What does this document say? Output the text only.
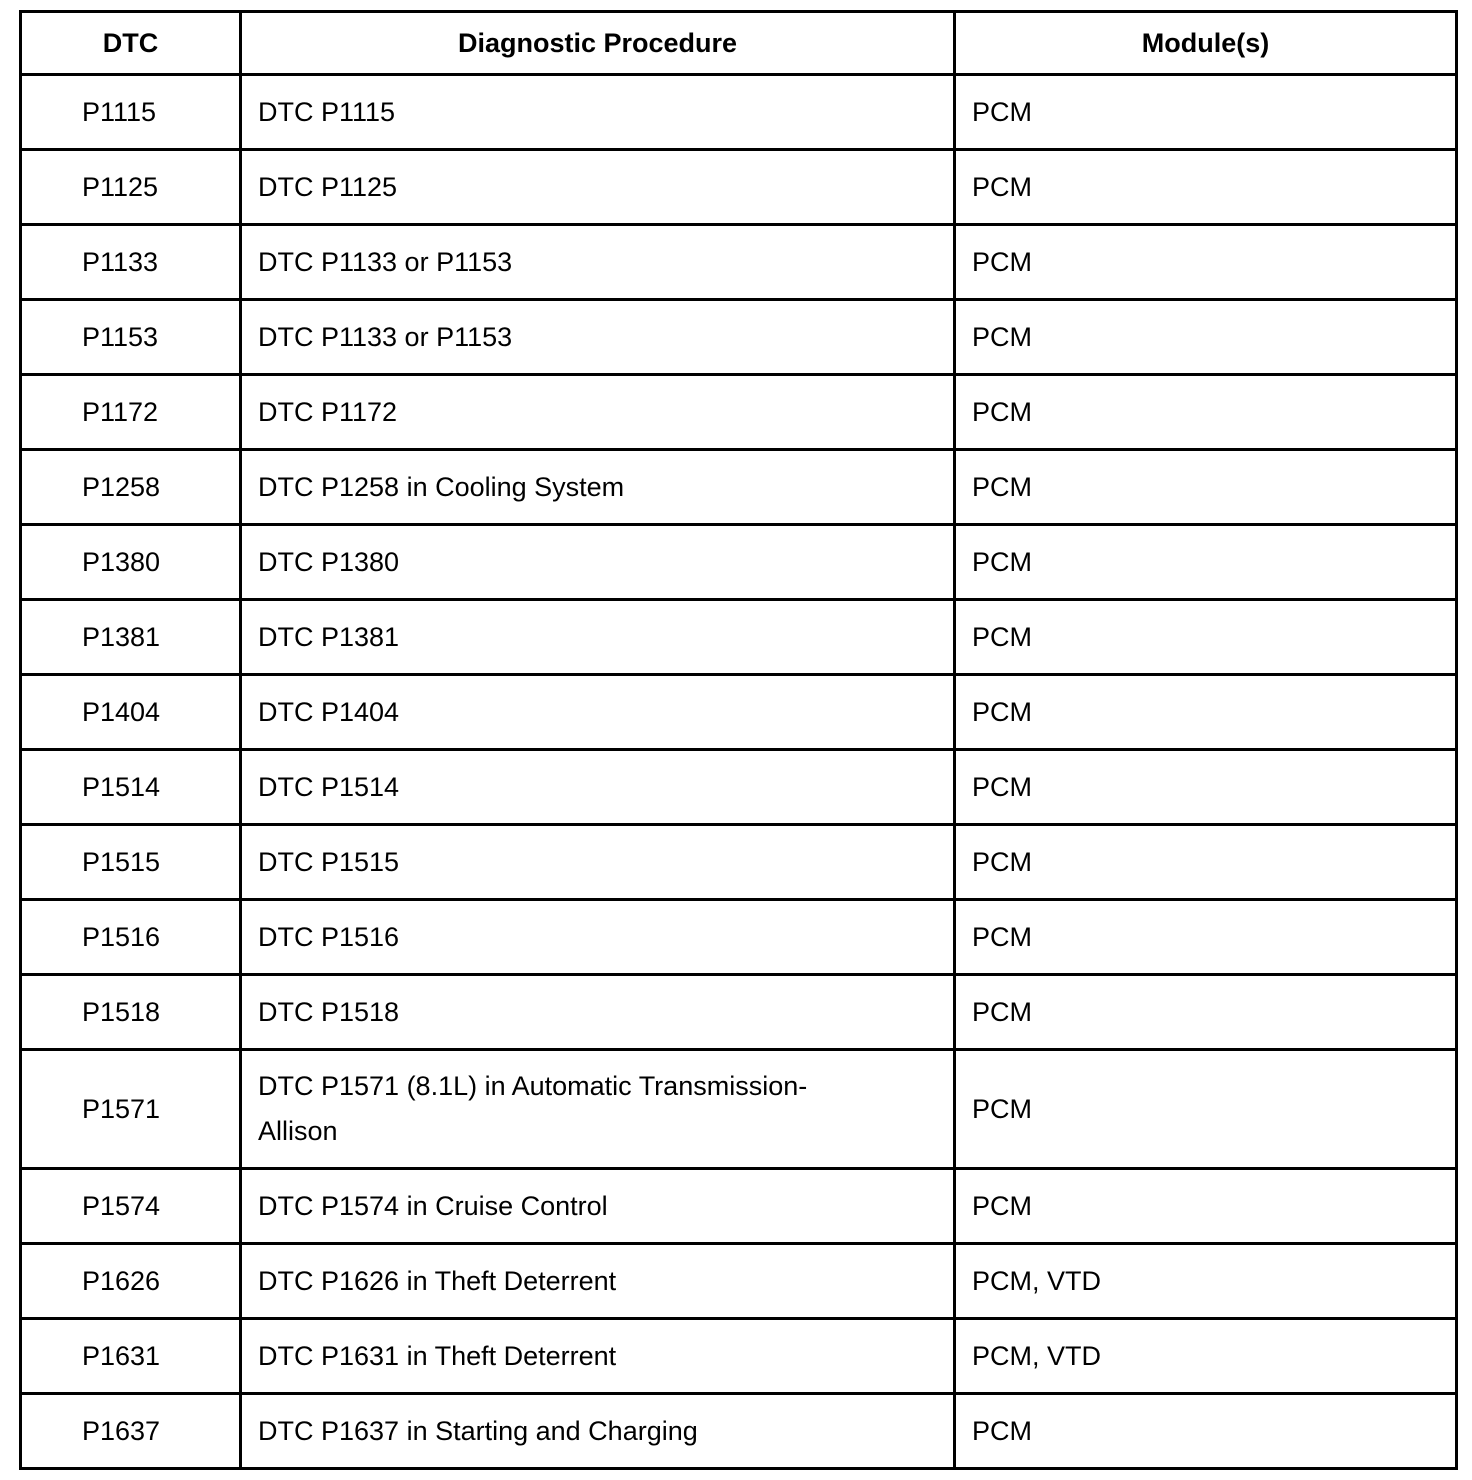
DTC	Diagnostic Procedure	Module(s)
P1115	DTC P1115	PCM
P1125	DTC P1125	PCM
P1133	DTC P1133 or P1153	PCM
P1153	DTC P1133 or P1153	PCM
P1172	DTC P1172	PCM
P1258	DTC P1258 in Cooling System	PCM
P1380	DTC P1380	PCM
P1381	DTC P1381	PCM
P1404	DTC P1404	PCM
P1514	DTC P1514	PCM
P1515	DTC P1515	PCM
P1516	DTC P1516	PCM
P1518	DTC P1518	PCM
P1571	DTC P1571 (8.1L) in Automatic Transmission-Allison	PCM
P1574	DTC P1574 in Cruise Control	PCM
P1626	DTC P1626 in Theft Deterrent	PCM, VTD
P1631	DTC P1631 in Theft Deterrent	PCM, VTD
P1637	DTC P1637 in Starting and Charging	PCM
